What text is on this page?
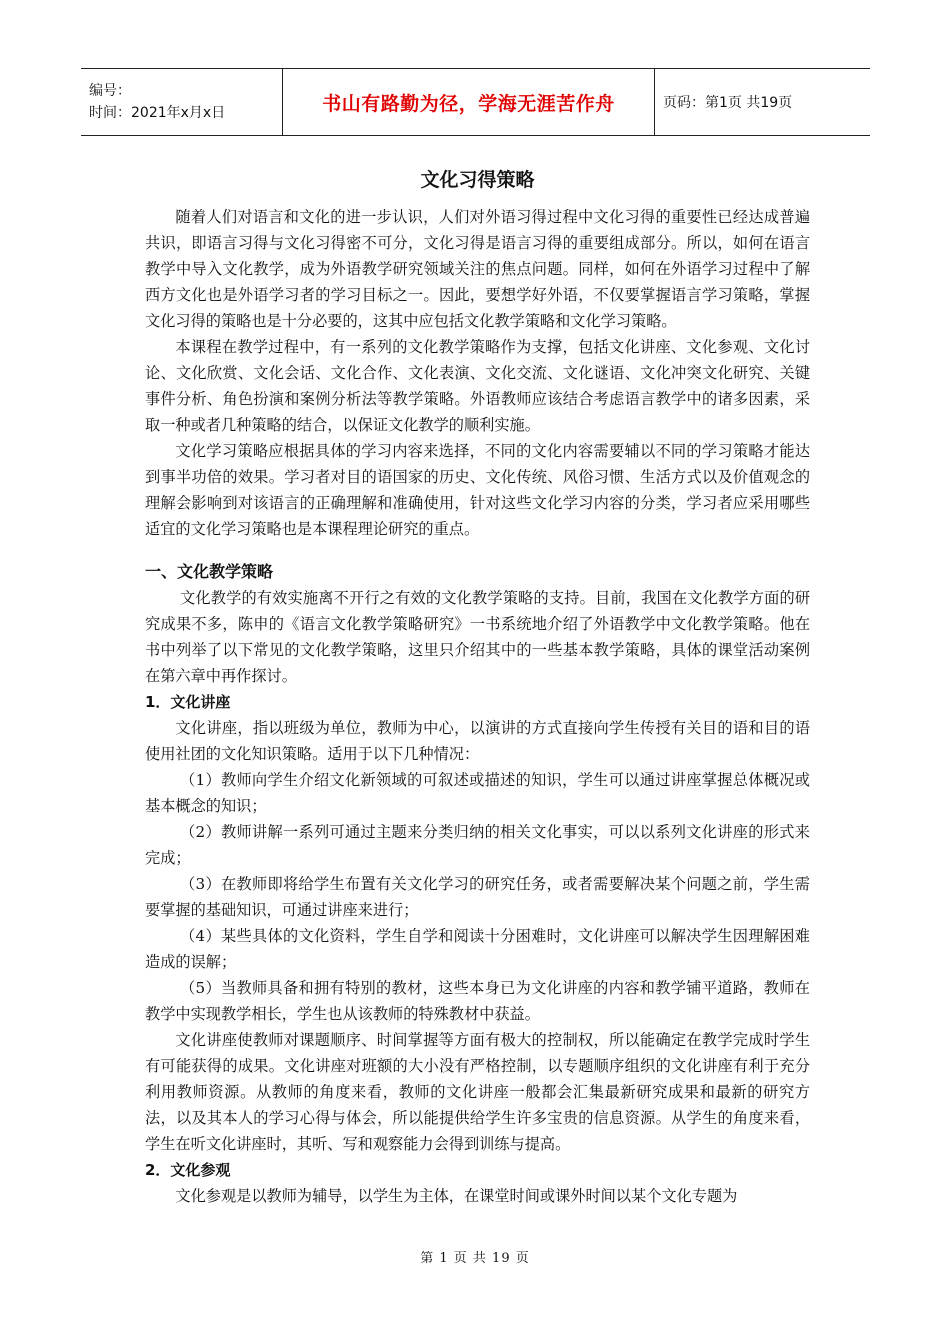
编号：
时间：2021年x月x日	书山有路勤为径，学海无涯苦作舟	页码：第1页 共19页
文化习得策略

随着人们对语言和文化的进一步认识，人们对外语习得过程中文化习得的重要性已经达成普遍共识，即语言习得与文化习得密不可分，文化习得是语言习得的重要组成部分。所以，如何在语言教学中导入文化教学，成为外语教学研究领域关注的焦点问题。同样，如何在外语学习过程中了解西方文化也是外语学习者的学习目标之一。因此，要想学好外语，不仅要掌握语言学习策略，掌握文化习得的策略也是十分必要的，这其中应包括文化教学策略和文化学习策略。

本课程在教学过程中，有一系列的文化教学策略作为支撑，包括文化讲座、文化参观、文化讨论、文化欣赏、文化会话、文化合作、文化表演、文化交流、文化谜语、文化冲突文化研究、关键事件分析、角色扮演和案例分析法等教学策略。外语教师应该结合考虑语言教学中的诸多因素，采取一种或者几种策略的结合，以保证文化教学的顺利实施。

文化学习策略应根据具体的学习内容来选择，不同的文化内容需要辅以不同的学习策略才能达到事半功倍的效果。学习者对目的语国家的历史、文化传统、风俗习惯、生活方式以及价值观念的理解会影响到对该语言的正确理解和准确使用，针对这些文化学习内容的分类，学习者应采用哪些适宜的文化学习策略也是本课程理论研究的重点。

一、文化教学策略

文化教学的有效实施离不开行之有效的文化教学策略的支持。目前，我国在文化教学方面的研究成果不多，陈申的《语言文化教学策略研究》一书系统地介绍了外语教学中文化教学策略。他在书中列举了以下常见的文化教学策略，这里只介绍其中的一些基本教学策略，具体的课堂活动案例在第六章中再作探讨。

1．文化讲座

文化讲座，指以班级为单位，教师为中心，以演讲的方式直接向学生传授有关目的语和目的语使用社团的文化知识策略。适用于以下几种情况：

（1）教师向学生介绍文化新领域的可叙述或描述的知识，学生可以通过讲座掌握总体概况或基本概念的知识；

（2）教师讲解一系列可通过主题来分类归纳的相关文化事实，可以以系列文化讲座的形式来完成；

（3）在教师即将给学生布置有关文化学习的研究任务，或者需要解决某个问题之前，学生需要掌握的基础知识，可通过讲座来进行；

（4）某些具体的文化资料，学生自学和阅读十分困难时，文化讲座可以解决学生因理解困难造成的误解；

（5）当教师具备和拥有特别的教材，这些本身已为文化讲座的内容和教学铺平道路，教师在教学中实现教学相长，学生也从该教师的特殊教材中获益。

文化讲座使教师对课题顺序、时间掌握等方面有极大的控制权，所以能确定在教学完成时学生有可能获得的成果。文化讲座对班额的大小没有严格控制，以专题顺序组织的文化讲座有利于充分利用教师资源。从教师的角度来看，教师的文化讲座一般都会汇集最新研究成果和最新的研究方法，以及其本人的学习心得与体会，所以能提供给学生许多宝贵的信息资源。从学生的角度来看，学生在听文化讲座时，其听、写和观察能力会得到训练与提高。

2．文化参观

文化参观是以教师为辅导，以学生为主体，在课堂时间或课外时间以某个文化专题为

第 1 页 共 19 页
